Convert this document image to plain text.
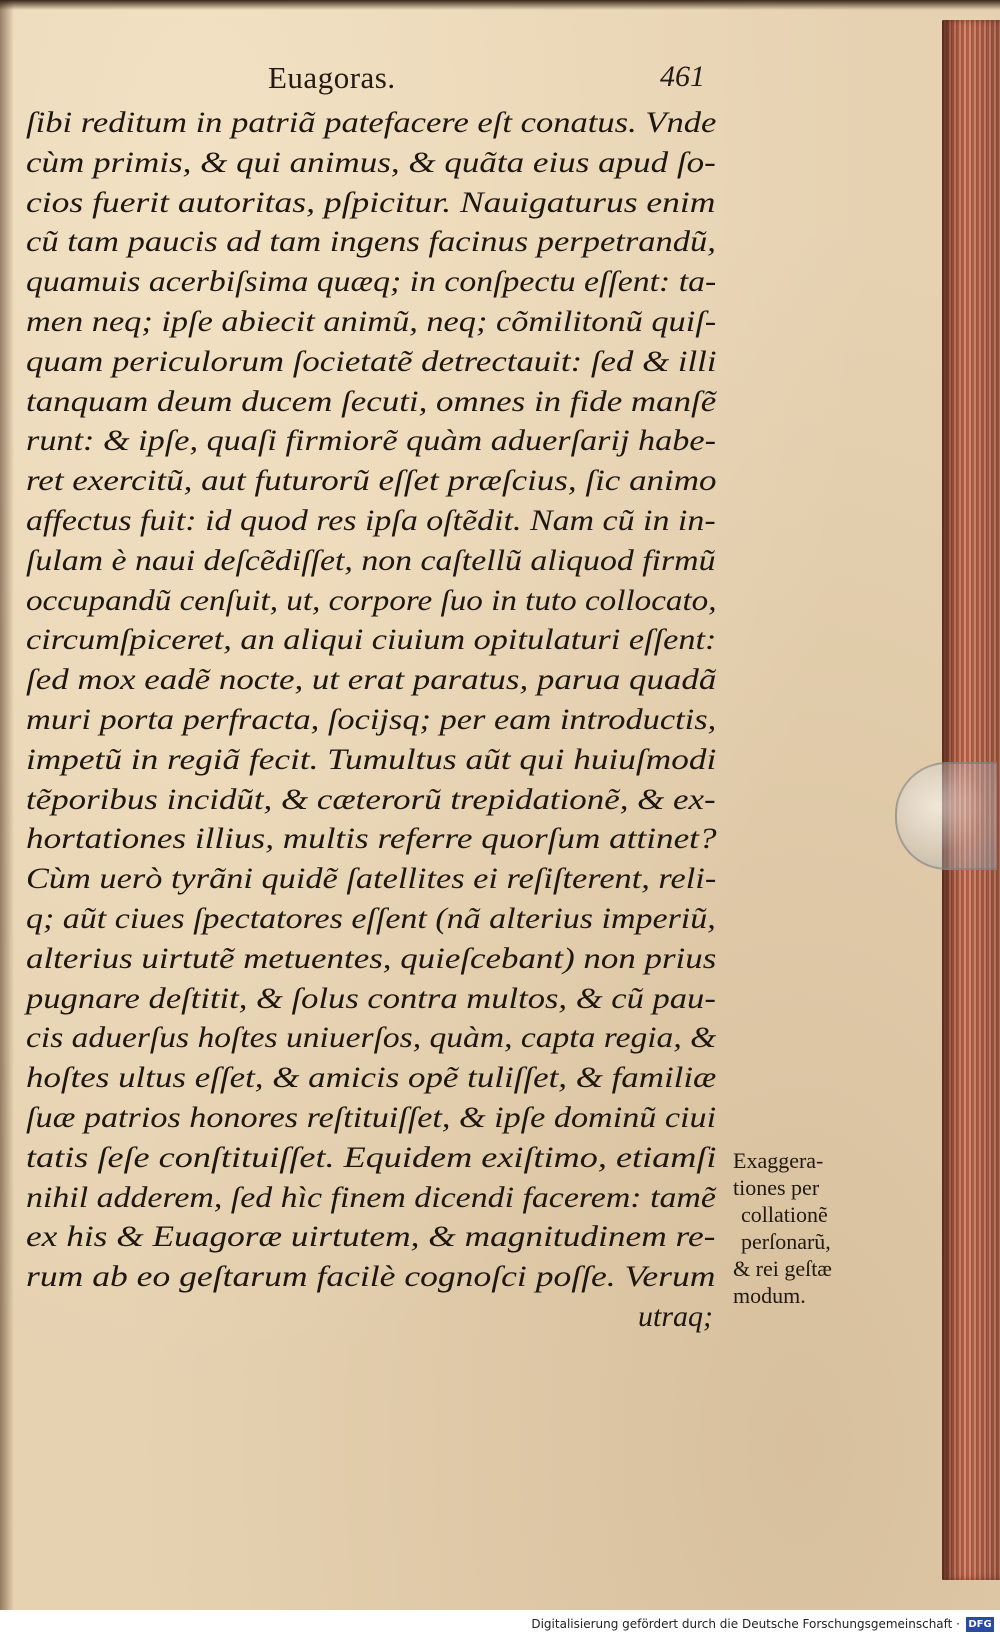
Euagoras.	461
ſibi reditum in patriã patefacere eſt conatus. Vnde
cùm primis, & qui animus, & quãta eius apud ſo-
cios fuerit autoritas, pſpicitur. Nauigaturus enim
cũ tam paucis ad tam ingens facinus perpetrandũ,
quamuis acerbiſsima quæq; in conſpectu eſſent: ta-
men neq; ipſe abiecit animũ, neq; cõmilitonũ quiſ-
quam periculorum ſocietatẽ detrectauit: ſed & illi
tanquam deum ducem ſecuti, omnes in fide manſẽ
runt: & ipſe, quaſi firmiorẽ quàm aduerſarij habe-
ret exercitũ, aut futurorũ eſſet præſcius, ſic animo
affectus fuit: id quod res ipſa oſtẽdit. Nam cũ in in-
ſulam è naui deſcẽdiſſet, non caſtellũ aliquod firmũ
occupandũ cenſuit, ut, corpore ſuo in tuto collocato,
circumſpiceret, an aliqui ciuium opitulaturi eſſent:
ſed mox eadẽ nocte, ut erat paratus, parua quadã
muri porta perfracta, ſocijsq; per eam introductis,
impetũ in regiã fecit. Tumultus aũt qui huiuſmodi
tẽporibus incidũt, & cæterorũ trepidationẽ, & ex-
hortationes illius, multis referre quorſum attinet?
Cùm uerò tyrãni quidẽ ſatellites ei reſiſterent, reli-
q; aũt ciues ſpectatores eſſent (nã alterius imperiũ,
alterius uirtutẽ metuentes, quieſcebant) non prius
pugnare deſtitit, & ſolus contra multos, & cũ pau-
cis aduerſus hoſtes uniuerſos, quàm, capta regia, &
hoſtes ultus eſſet, & amicis opẽ tuliſſet, & familiæ
ſuæ patrios honores reſtituiſſet, & ipſe dominũ ciui
tatis ſeſe conſtituiſſet. Equidem exiſtimo, etiamſi
nihil adderem, ſed hìc finem dicendi facerem: tamẽ
ex his & Euagoræ uirtutem, & magnitudinem re-
rum ab eo geſtarum facilè cognoſci poſſe. Verum
utraq;
Exaggera-
tiones per
collationẽ
perſonarũ,
& rei geſtæ
modum.
Digitalisierung gefördert durch die Deutsche Forschungsgemeinschaft · DFG
